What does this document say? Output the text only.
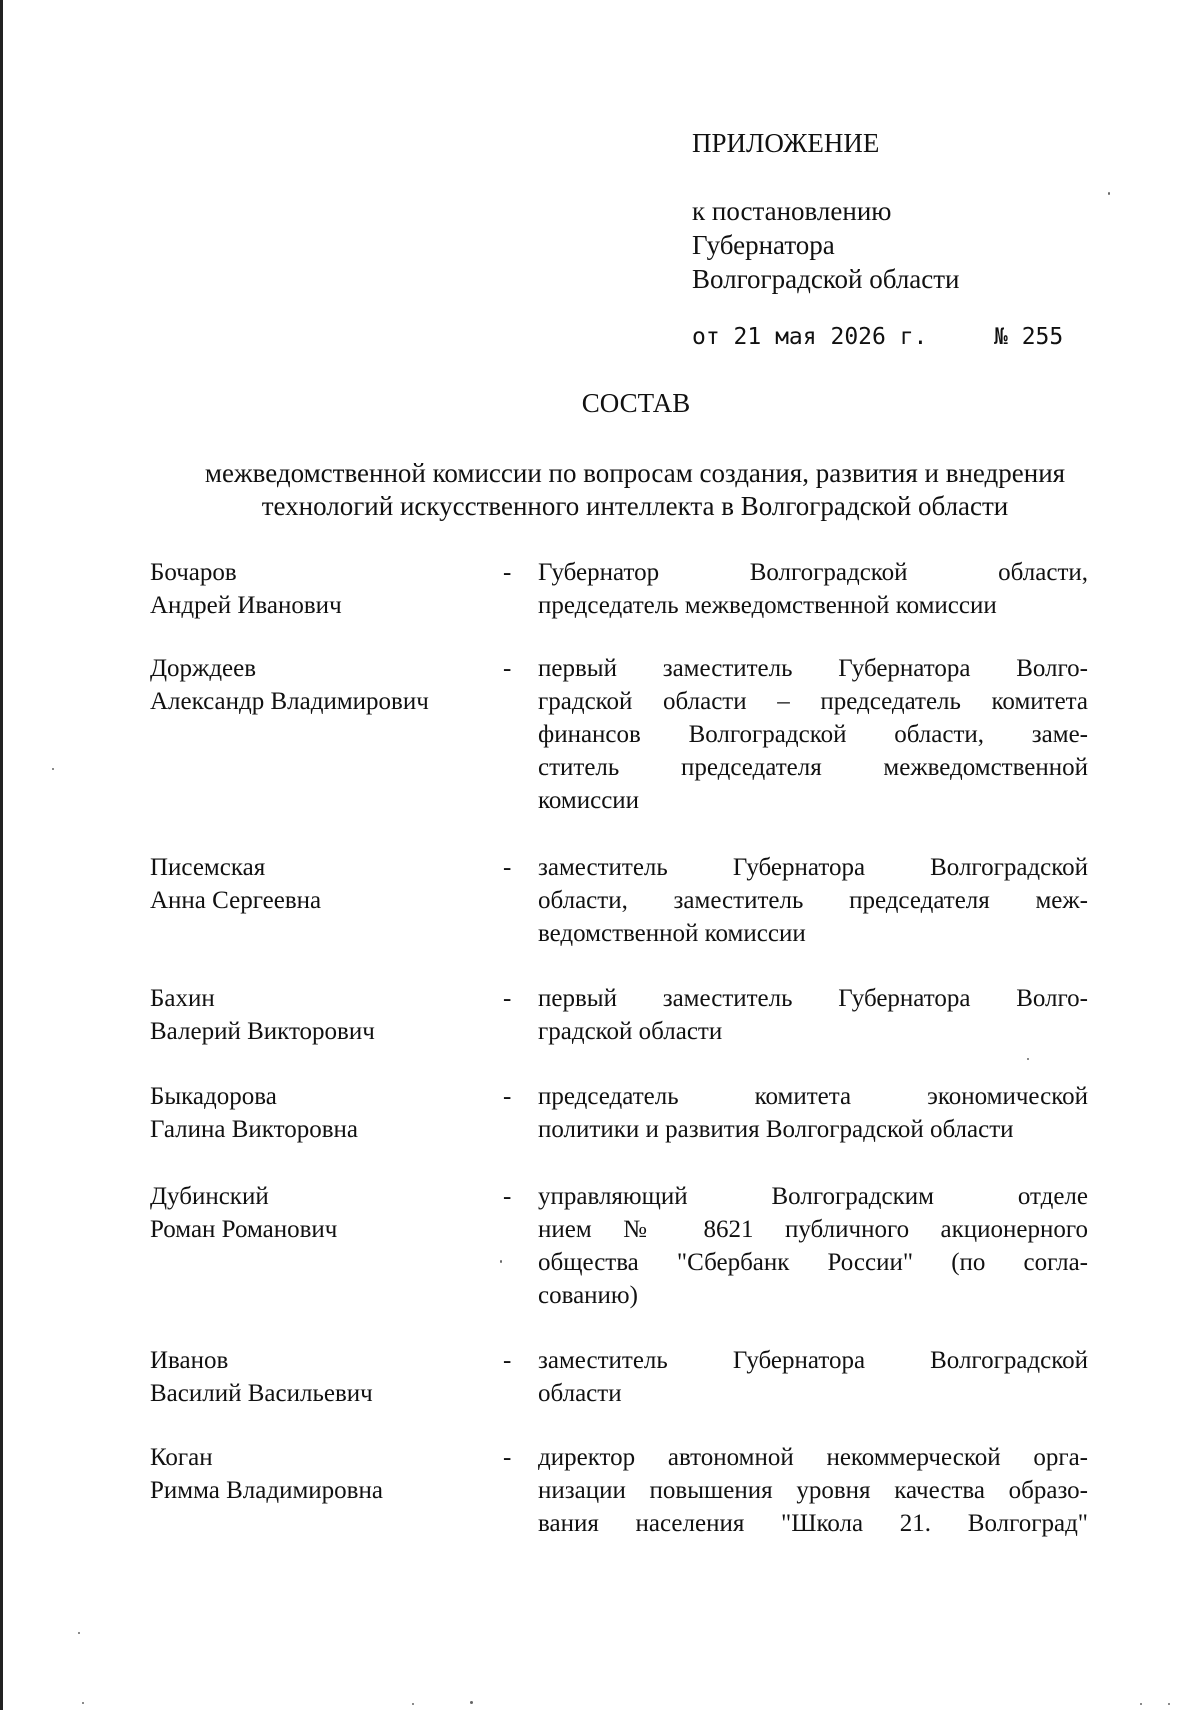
ПРИЛОЖЕНИЕ
к постановлению
Губернатора
Волгоградской области
от 21 мая 2026 г.	№ 255
СОСТАВ
межведомственной комиссии по вопросам создания, развития и внедрения
технологий искусственного интеллекта в Волгоградской области
Бочаров
Андрей Иванович
- Губернатор Волгоградской области,
председатель межведомственной комиссии
Дорждеев
Александр Владимирович
- первый заместитель Губернатора Волго-
градской области – председатель комитета
финансов Волгоградской области, заме-
ститель председателя межведомственной
комиссии
Писемская
Анна Сергеевна
- заместитель Губернатора Волгоградской
области, заместитель председателя меж-
ведомственной комиссии
Бахин
Валерий Викторович
- первый заместитель Губернатора Волго-
градской области
Быкадорова
Галина Викторовна
- председатель комитета экономической
политики и развития Волгоградской области
Дубинский
Роман Романович
- управляющий Волгоградским отделе
нием № 8621 публичного акционерного
общества "Сбербанк России" (по согла-
сованию)
Иванов
Василий Васильевич
- заместитель Губернатора Волгоградской
области
Коган
Римма Владимировна
- директор автономной некоммерческой орга-
низации повышения уровня качества образо-
вания населения "Школа 21. Волгоград"
